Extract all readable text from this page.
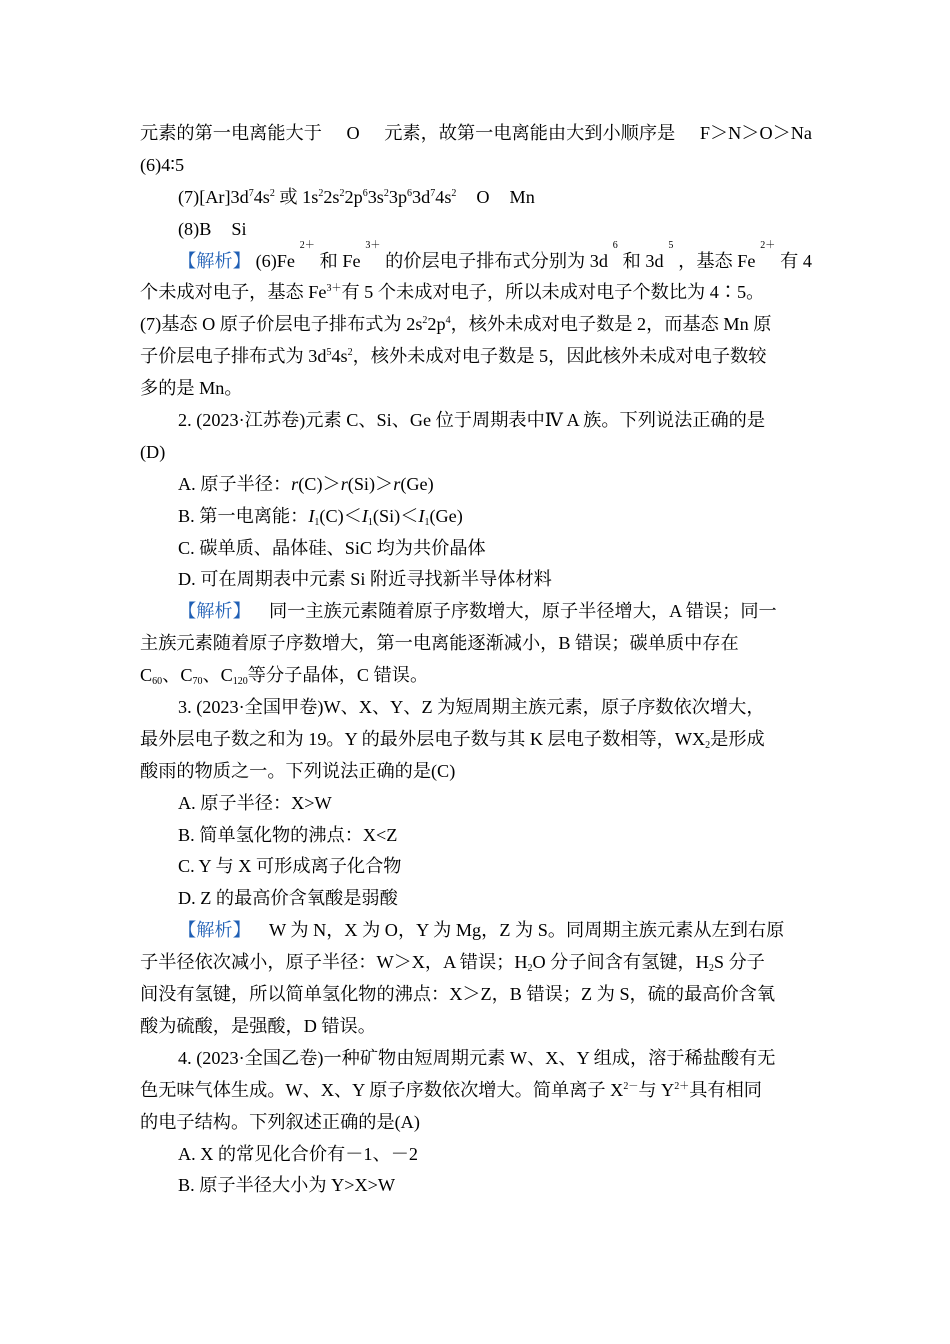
元素的第一电离能大于 O 元素，故第一电离能由大到小顺序是 F＞N＞O＞Na
(6)4∶5
$(7)[Ar]3d^74s^2$ 或 $1s^22s^22p^63s^23p^63d^74s^2$ O Mn
(8)B Si
【解析】 (6)Fe
2＋
和 Fe
3＋
的价层电子排布式分别为 3d
6
和 3d
5
，基态 Fe
2＋
有 4
个未成对电子，基态 $Fe^{3+}$有 5 个未成对电子，所以未成对电子个数比为 4∶5。
(7)基态 O 原子价层电子排布式为 $2s^22p^4$，核外未成对电子数是 2，而基态 Mn 原
子价层电子排布式为 $3d^54s^2$，核外未成对电子数是 5，因此核外未成对电子数较
多的是 Mn。
2. (2023·江苏卷)元素 C、Si、Ge 位于周期表中Ⅳ A 族。下列说法正确的是
(D)
A. 原子半径：r(C)＞r(Si)＞r(Ge)
B. 第一电离能：$I_1(C)<I_1(Si)<I_1(Ge)$
C. 碳单质、晶体硅、SiC 均为共价晶体
D. 可在周期表中元素 Si 附近寻找新半导体材料
【解析】
  同一主族元素随着原子序数增大，原子半径增大，A 错误；同一
主族元素随着原子序数增大，第一电离能逐渐减小，B 错误；碳单质中存在
$C_{60}$、$C_{70}$、$C_{120}$等分子晶体，C 错误。
3. (2023·全国甲卷)W、X、Y、Z 为短周期主族元素，原子序数依次增大，
最外层电子数之和为 19。Y 的最外层电子数与其 K 层电子数相等，$WX_2$是形成
酸雨的物质之一。下列说法正确的是(C)
A. 原子半径：X>W
B. 简单氢化物的沸点：X<Z
C. Y 与 X 可形成离子化合物
D. Z 的最高价含氧酸是弱酸
【解析】
  W 为 N，X 为 O，Y 为 Mg，Z 为 S。同周期主族元素从左到右原
子半径依次减小，原子半径：W＞X，A 错误；$H_2O$ 分子间含有氢键，$H_2S$ 分子
间没有氢键，所以简单氢化物的沸点：X＞Z，B 错误；Z 为 S，硫的最高价含氧
酸为硫酸，是强酸，D 错误。
4. (2023·全国乙卷)一种矿物由短周期元素 W、X、Y 组成，溶于稀盐酸有无
色无味气体生成。W、X、Y 原子序数依次增大。简单离子 $X^{2-}$与 $Y^{2+}$具有相同
的电子结构。下列叙述正确的是(A)
A. X 的常见化合价有－1、－2
B. 原子半径大小为 Y>X>W
